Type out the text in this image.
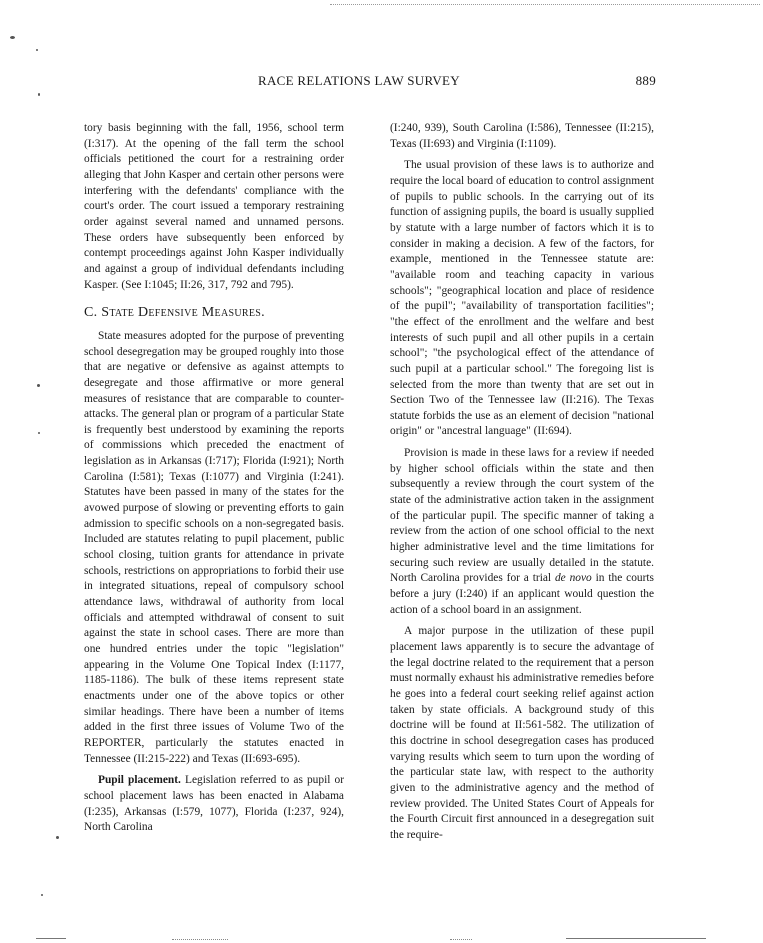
RACE RELATIONS LAW SURVEY	889

tory basis beginning with the fall, 1956, school term (I:317). At the opening of the fall term the school officials petitioned the court for a restraining order alleging that John Kasper and certain other persons were interfering with the defendants' compliance with the court's order. The court issued a temporary restraining order against several named and unnamed persons. These orders have subsequently been enforced by contempt proceedings against John Kasper individually and against a group of individual defendants including Kasper. (See I:1045; II:26, 317, 792 and 795).

C. State Defensive Measures.

State measures adopted for the purpose of preventing school desegregation may be grouped roughly into those that are negative or defensive as against attempts to desegregate and those affirmative or more general measures of resistance that are comparable to counter-attacks. The general plan or program of a particular State is frequently best understood by examining the reports of commissions which preceded the enactment of legislation as in Arkansas (I:717); Florida (I:921); North Carolina (I:581); Texas (I:1077) and Virginia (I:241). Statutes have been passed in many of the states for the avowed purpose of slowing or preventing efforts to gain admission to specific schools on a non-segregated basis. Included are statutes relating to pupil placement, public school closing, tuition grants for attendance in private schools, restrictions on appropriations to forbid their use in integrated situations, repeal of compulsory school attendance laws, withdrawal of authority from local officials and attempted withdrawal of consent to suit against the state in school cases. There are more than one hundred entries under the topic "legislation" appearing in the Volume One Topical Index (I:1177, 1185-1186). The bulk of these items represent state enactments under one of the above topics or other similar headings. There have been a number of items added in the first three issues of Volume Two of the REPORTER, particularly the statutes enacted in Tennessee (II:215-222) and Texas (II:693-695).

Pupil placement. Legislation referred to as pupil or school placement laws has been enacted in Alabama (I:235), Arkansas (I:579, 1077), Florida (I:237, 924), North Carolina

(I:240, 939), South Carolina (I:586), Tennessee (II:215), Texas (II:693) and Virginia (I:1109).

The usual provision of these laws is to authorize and require the local board of education to control assignment of pupils to public schools. In the carrying out of its function of assigning pupils, the board is usually supplied by statute with a large number of factors which it is to consider in making a decision. A few of the factors, for example, mentioned in the Tennessee statute are: "available room and teaching capacity in various schools"; "geographical location and place of residence of the pupil"; "availability of transportation facilities"; "the effect of the enrollment and the welfare and best interests of such pupil and all other pupils in a certain school"; "the psychological effect of the attendance of such pupil at a particular school." The foregoing list is selected from the more than twenty that are set out in Section Two of the Tennessee law (II:216). The Texas statute forbids the use as an element of decision "national origin" or "ancestral language" (II:694).

Provision is made in these laws for a review if needed by higher school officials within the state and then subsequently a review through the court system of the state of the administrative action taken in the assignment of the particular pupil. The specific manner of taking a review from the action of one school official to the next higher administrative level and the time limitations for securing such review are usually detailed in the statute. North Carolina provides for a trial de novo in the courts before a jury (I:240) if an applicant would question the action of a school board in an assignment.

A major purpose in the utilization of these pupil placement laws apparently is to secure the advantage of the legal doctrine related to the requirement that a person must normally exhaust his administrative remedies before he goes into a federal court seeking relief against action taken by state officials. A background study of this doctrine will be found at II:561-582. The utilization of this doctrine in school desegregation cases has produced varying results which seem to turn upon the wording of the particular state law, with respect to the authority given to the administrative agency and the method of review provided. The United States Court of Appeals for the Fourth Circuit first announced in a desegregation suit the require-
